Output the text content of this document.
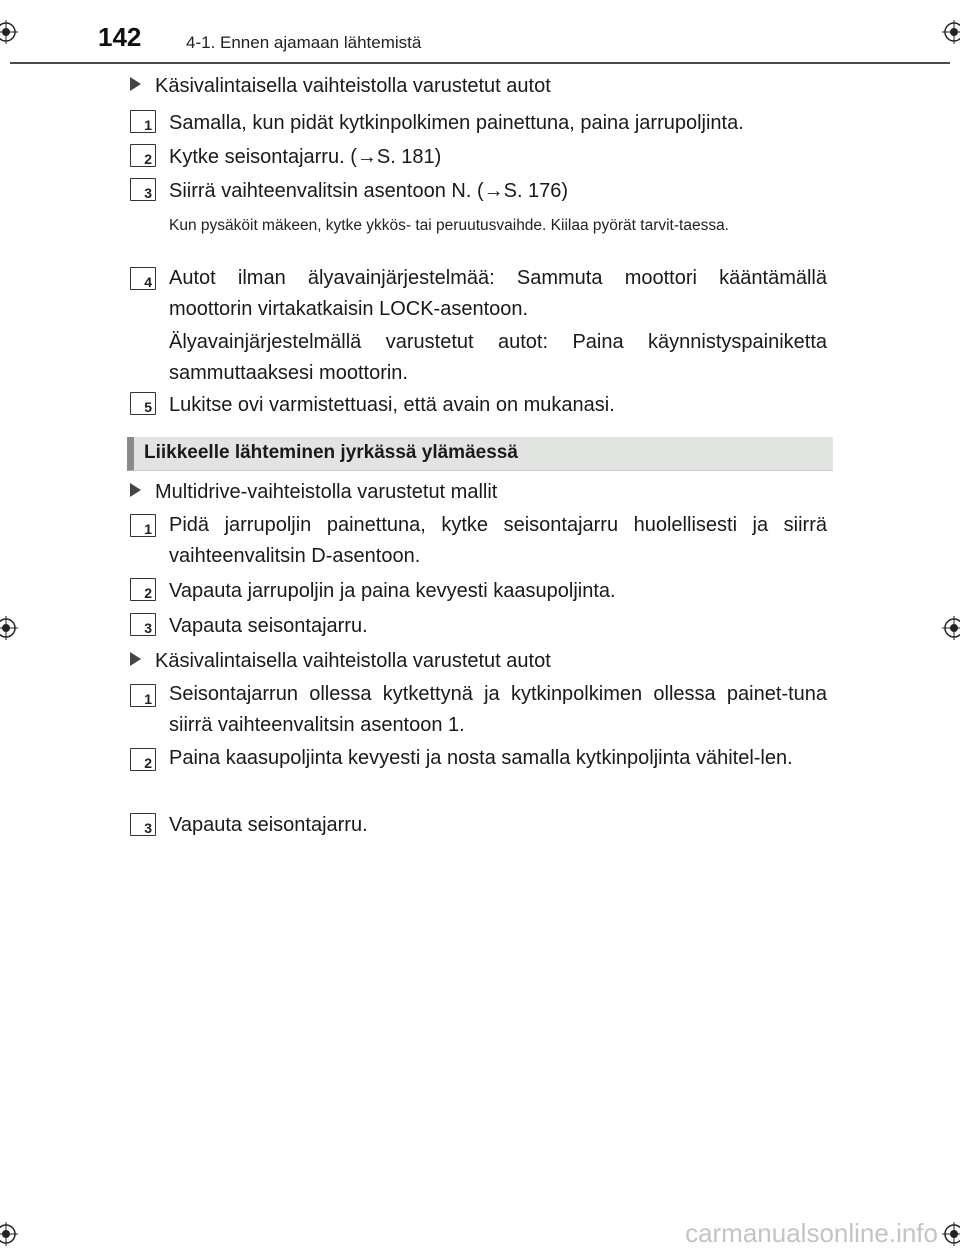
142	4-1. Ennen ajamaan lähtemistä
Käsivalintaisella vaihteistolla varustetut autot
1 Samalla, kun pidät kytkinpolkimen painettuna, paina jarrupoljinta.
2 Kytke seisontajarru. (→S. 181)
3 Siirrä vaihteenvalitsin asentoon N. (→S. 176)
Kun pysäköit mäkeen, kytke ykkös- tai peruutusvaihde. Kiilaa pyörät tarvit-taessa.
4 Autot ilman älyavainjärjestelmää: Sammuta moottori kääntämällä moottorin virtakatkaisin LOCK-asentoon.
Älyavainjärjestelmällä varustetut autot: Paina käynnistyspainiketta sammuttaaksesi moottorin.
5 Lukitse ovi varmistettuasi, että avain on mukanasi.
Liikkeelle lähteminen jyrkässä ylämäessä
Multidrive-vaihteistolla varustetut mallit
1 Pidä jarrupoljin painettuna, kytke seisontajarru huolellisesti ja siirrä vaihteenvalitsin D-asentoon.
2 Vapauta jarrupoljin ja paina kevyesti kaasupoljinta.
3 Vapauta seisontajarru.
Käsivalintaisella vaihteistolla varustetut autot
1 Seisontajarrun ollessa kytkettynä ja kytkinpolkimen ollessa painet-tuna siirrä vaihteenvalitsin asentoon 1.
2 Paina kaasupoljinta kevyesti ja nosta samalla kytkinpoljinta vähitel-len.
3 Vapauta seisontajarru.
carmanualsonline.info
